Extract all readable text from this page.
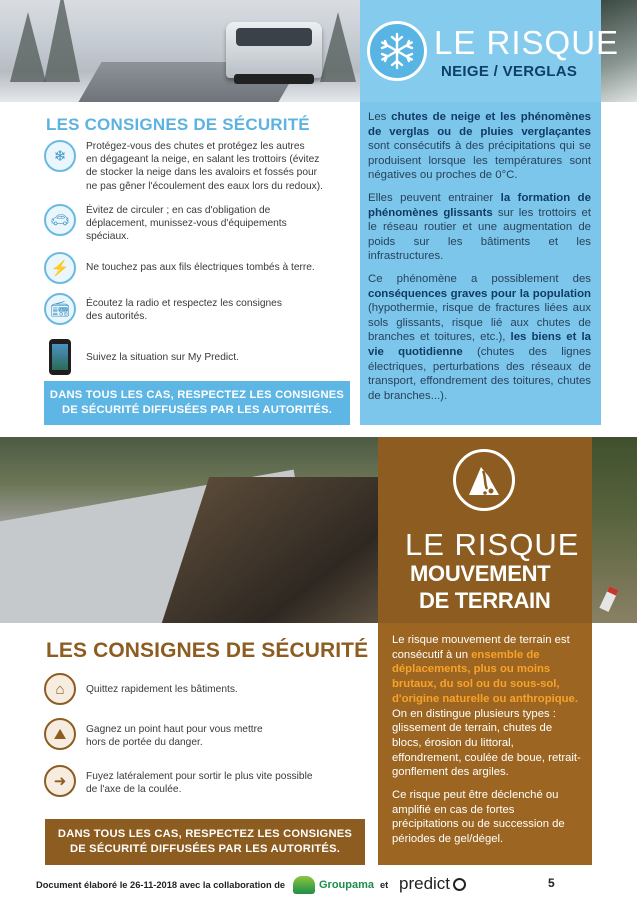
LE RISQUE
NEIGE / VERGLAS

Les chutes de neige et les phénomènes de verglas ou de pluies verglaçantes sont consécutifs à des précipitations qui se produisent lorsque les températures sont négatives ou proches de 0°C.

Elles peuvent entrainer la formation de phénomènes glissants sur les trottoirs et le réseau routier et une augmentation de poids sur les bâtiments et les infrastructures.

Ce phénomène a possiblement des conséquences graves pour la population (hypothermie, risque de fractures liées aux sols glissants, risque lié aux chutes de branches et toitures, etc.), les biens et la vie quotidienne (chutes des lignes électriques, perturbations des réseaux de transport, effondrement des toitures, chutes de branches...).

LES CONSIGNES DE SÉCURITÉ
❄
Protégez-vous des chutes et protégez les autres
en dégageant la neige, en salant les trottoirs (évitez
de stocker la neige dans les avaloirs et fossés pour
ne pas gêner l'écoulement des eaux lors du redoux).
🚗︎
Évitez de circuler ; en cas d'obligation de
déplacement, munissez-vous d'équipements
spéciaux.
⚡	Ne touchez pas aux fils électriques tombés à terre.
📻︎	Écoutez la radio et respectez les consignes
des autorités.
Suivez la situation sur My Predict.
DANS TOUS LES CAS, RESPECTEZ LES CONSIGNES
DE SÉCURITÉ DIFFUSÉES PAR LES AUTORITÉS.
LE RISQUE
MOUVEMENT
DE TERRAIN

Le risque mouvement de terrain est consécutif à un ensemble de déplacements, plus ou moins brutaux, du sol ou du sous-sol, d'origine naturelle ou anthropique. On en distingue plusieurs types : glissement de terrain, chutes de blocs, érosion du littoral, effondrement, coulée de boue, retrait-gonflement des argiles.

Ce risque peut être déclenché ou amplifié en cas de fortes précipitations ou de succession de périodes de gel/dégel.

LES CONSIGNES DE SÉCURITÉ
⌂	Quittez rapidement les bâtiments.
⛰	Gagnez un point haut pour vous mettre
hors de portée du danger.
➜	Fuyez latéralement pour sortir le plus vite possible
de l'axe de la coulée.
DANS TOUS LES CAS, RESPECTEZ LES CONSIGNES
DE SÉCURITÉ DIFFUSÉES PAR LES AUTORITÉS.
Document élaboré le 26-11-2018 avec la collaboration de	Groupama et predict	5
